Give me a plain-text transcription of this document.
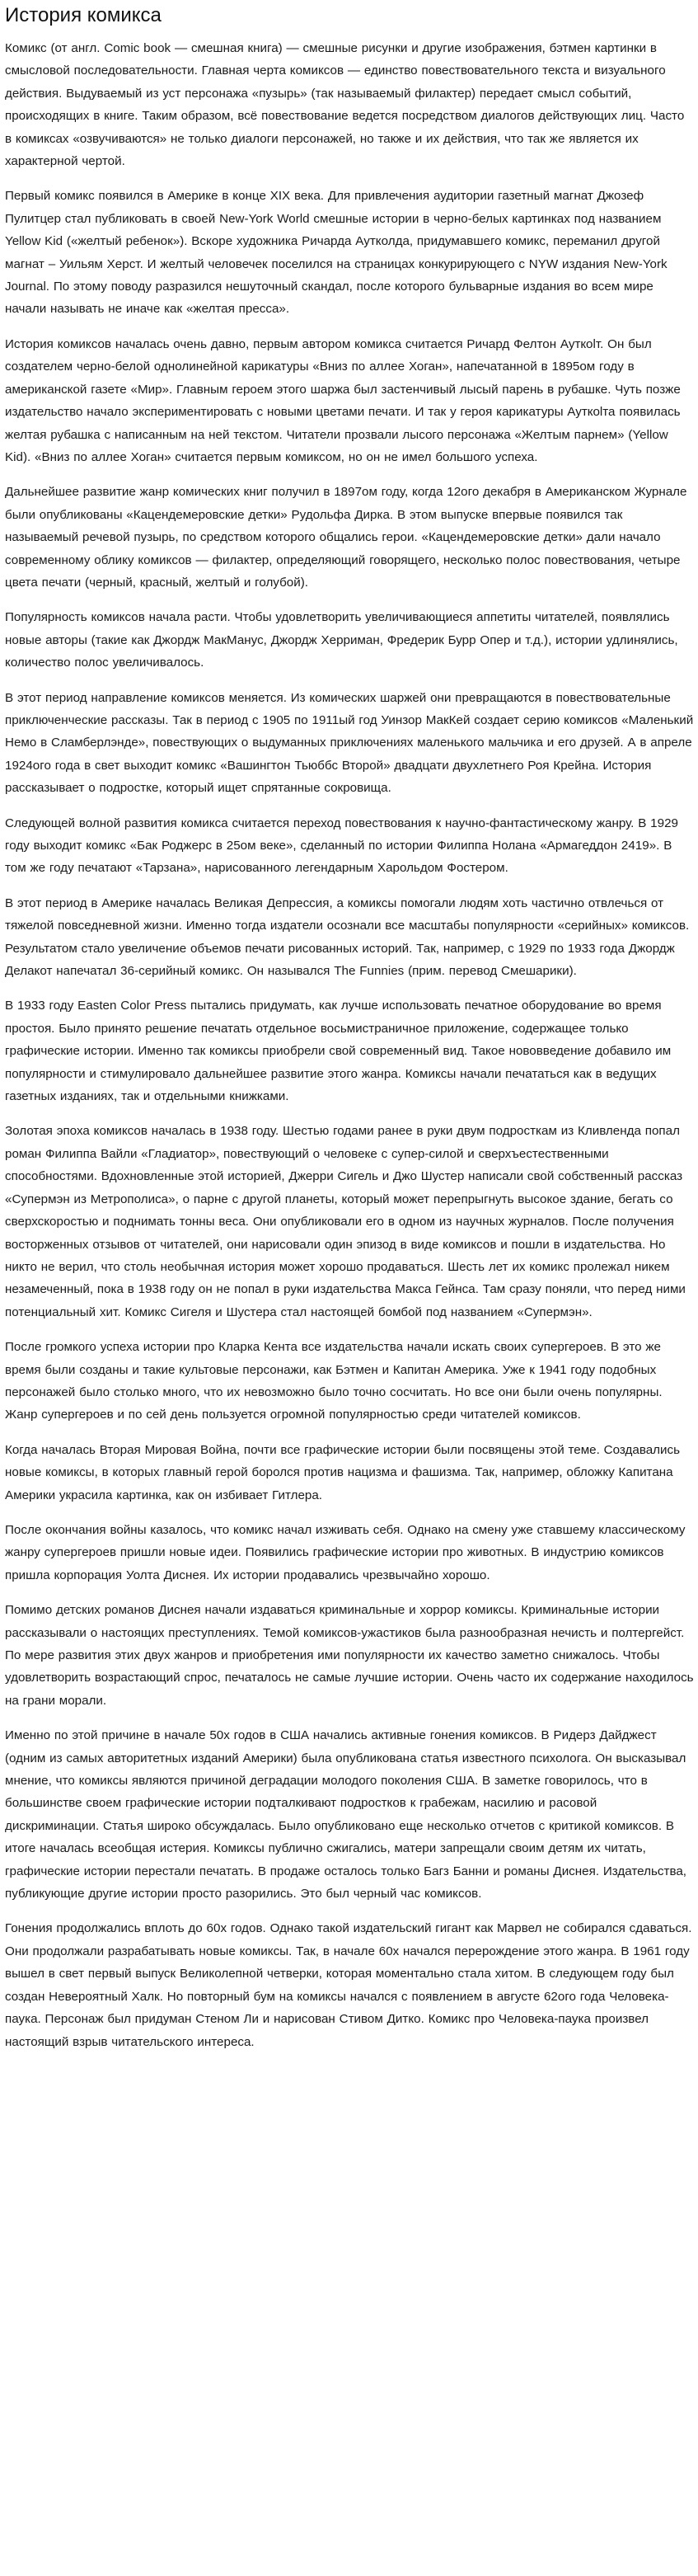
История комикса

Комикс (от англ. Comic book — смешная книга) — смешные рисунки и другие изображения, бэтмен картинки в смысловой последовательности. Главная черта комиксов — единство повествовательного текста и визуального действия. Выдуваемый из уст персонажа «пузырь» (так называемый филактер) передает смысл событий, происходящих в книге. Таким образом, всё повествование ведется посредством диалогов действующих лиц. Часто в комиксах «озвучиваются» не только диалоги персонажей, но также и их действия, что так же является их характерной чертой.

Первый комикс появился в Америке в конце XIX века. Для привлечения аудитории газетный магнат Джозеф Пулитцер стал публиковать в своей New-York World смешные истории в черно-белых картинках под названием Yellow Kid («желтый ребенок»). Вскоре художника Ричарда Аутколда, придумавшего комикс, переманил другой магнат – Уильям Херст. И желтый человечек поселился на страницах конкурирующего с NYW издания New-York Journal. По этому поводу разразился нешуточный скандал, после которого бульварные издания во всем мире начали называть не иначе как «желтая пресса».

История комиксов началась очень давно, первым автором комикса считается Ричард Фелтон Ауткolт. Он был создателем черно-белой однолинейной карикатуры «Вниз по аллее Хоган», напечатанной в 1895ом году в американской газете «Мир». Главным героем этого шаржа был застенчивый лысый парень в рубашке. Чуть позже издательство начало экспериментировать с новыми цветами печати. И так у героя карикатуры Ауткolта появилась желтая рубашка с написанным на ней текстом. Читатели прозвали лысого персонажа «Желтым парнем» (Yellow Kid). «Вниз по аллее Хоган» считается первым комиксом, но он не имел большого успеха.

Дальнейшее развитие жанр комических книг получил в 1897ом году, когда 12ого декабря в Американском Журнале были опубликованы «Кацендемеровские детки» Рудольфа Дирка. В этом выпуске впервые появился так называемый речевой пузырь, по средством которого общались герои. «Кацендемеровские детки» дали начало современному облику комиксов — филактер, определяющий говорящего, несколько полос повествования, четыре цвета печати (черный, красный, желтый и голубой).

Популярность комиксов начала расти. Чтобы удовлетворить увеличивающиеся аппетиты читателей, появлялись новые авторы (такие как Джордж МакМанус, Джордж Херриман, Фредерик Бурр Опер и т.д.), истории удлинялись, количество полос увеличивалось.

В этот период направление комиксов меняется. Из комических шаржей они превращаются в повествовательные приключенческие рассказы. Так в период с 1905 по 1911ый год Уинзор МакКей создает серию комиксов «Маленький Немо в Сламберлэнде», повествующих о выдуманных приключениях маленького мальчика и его друзей. А в апреле 1924ого года в свет выходит комикс «Вашингтон Тьюббс Второй» двадцати двухлетнего Роя Крейна. История рассказывает о подростке, который ищет спрятанные сокровища.

Следующей волной развития комикса считается переход повествования к научно-фантастическому жанру. В 1929 году выходит комикс «Бак Роджерс в 25ом веке», сделанный по истории Филиппа Нолана «Армагеддон 2419». В том же году печатают «Тарзана», нарисованного легендарным Харольдом Фостером.

В этот период в Америке началась Великая Депрессия, а комиксы помогали людям хоть частично отвлечься от тяжелой повседневной жизни. Именно тогда издатели осознали все масштабы популярности «серийных» комиксов. Результатом стало увеличение объемов печати рисованных историй. Так, например, с 1929 по 1933 года Джордж Делакот напечатал 36-серийный комикс. Он назывался The Funnies (прим. перевод Смешарики).

В 1933 году Easten Color Press пытались придумать, как лучше использовать печатное оборудование во время простоя. Было принято решение печатать отдельное восьмистраничное приложение, содержащее только графические истории. Именно так комиксы приобрели свой современный вид. Такое нововведение добавило им популярности и стимулировало дальнейшее развитие этого жанра. Комиксы начали печататься как в ведущих газетных изданиях, так и отдельными книжками.

Золотая эпоха комиксов началась в 1938 году. Шестью годами ранее в руки двум подросткам из Кливленда попал роман Филиппа Вайли «Гладиатор», повествующий о человеке с супер-силой и сверхъестественными способностями. Вдохновленные этой историей, Джерри Сигель и Джо Шустер написали свой собственный рассказ «Супермэн из Метрополиса», о парне с другой планеты, который может перепрыгнуть высокое здание, бегать со сверхскоростью и поднимать тонны веса. Они опубликовали его в одном из научных журналов. После получения восторженных отзывов от читателей, они нарисовали один эпизод в виде комиксов и пошли в издательства. Но никто не верил, что столь необычная история может хорошо продаваться. Шесть лет их комикс пролежал никем незамеченный, пока в 1938 году он не попал в руки издательства Макса Гейнса. Там сразу поняли, что перед ними потенциальный хит. Комикс Сигеля и Шустера стал настоящей бомбой под названием «Супермэн».

После громкого успеха истории про Кларка Кента все издательства начали искать своих супергероев. В это же время были созданы и такие культовые персонажи, как Бэтмен и Капитан Америка. Уже к 1941 году подобных персонажей было столько много, что их невозможно было точно сосчитать. Но все они были очень популярны. Жанр супергероев и по сей день пользуется огромной популярностью среди читателей комиксов.

Когда началась Вторая Мировая Война, почти все графические истории были посвящены этой теме. Создавались новые комиксы, в которых главный герой боролся против нацизма и фашизма. Так, например, обложку Капитана Америки украсила картинка, как он избивает Гитлера.

После окончания войны казалось, что комикс начал изживать себя. Однако на смену уже ставшему классическому жанру супергероев пришли новые идеи. Появились графические истории про животных. В индустрию комиксов пришла корпорация Уолта Диснея. Их истории продавались чрезвычайно хорошо.

Помимо детских романов Диснея начали издаваться криминальные и хоррор комиксы. Криминальные истории рассказывали о настоящих преступлениях. Темой комиксов-ужастиков была разнообразная нечисть и полтергейст. По мере развития этих двух жанров и приобретения ими популярности их качество заметно снижалось. Чтобы удовлетворить возрастающий спрос, печаталось не самые лучшие истории. Очень часто их содержание находилось на грани морали.

Именно по этой причине в начале 50х годов в США начались активные гонения комиксов. В Ридерз Дайджест (одним из самых авторитетных изданий Америки) была опубликована статья известного психолога. Он высказывал мнение, что комиксы являются причиной деградации молодого поколения США. В заметке говорилось, что в большинстве своем графические истории подталкивают подростков к грабежам, насилию и расовой дискриминации. Статья широко обсуждалась. Было опубликовано еще несколько отчетов с критикой комиксов. В итоге началась всеобщая истерия. Комиксы публично сжигались, матери запрещали своим детям их читать, графические истории перестали печатать. В продаже осталось только Багз Банни и романы Диснея. Издательства, публикующие другие истории просто разорились. Это был черный час комиксов.

Гонения продолжались вплоть до 60х годов. Однако такой издательский гигант как Марвел не собирался сдаваться. Они продолжали разрабатывать новые комиксы. Так, в начале 60х начался перерождение этого жанра. В 1961 году вышел в свет первый выпуск Великолепной четверки, которая моментально стала хитом. В следующем году был создан Невероятный Халк. Но повторный бум на комиксы начался с появлением в августе 62ого года Человека-паука. Персонаж был придуман Стеном Ли и нарисован Стивом Дитко. Комикс про Человека-паука произвел настоящий взрыв читательского интереса.
